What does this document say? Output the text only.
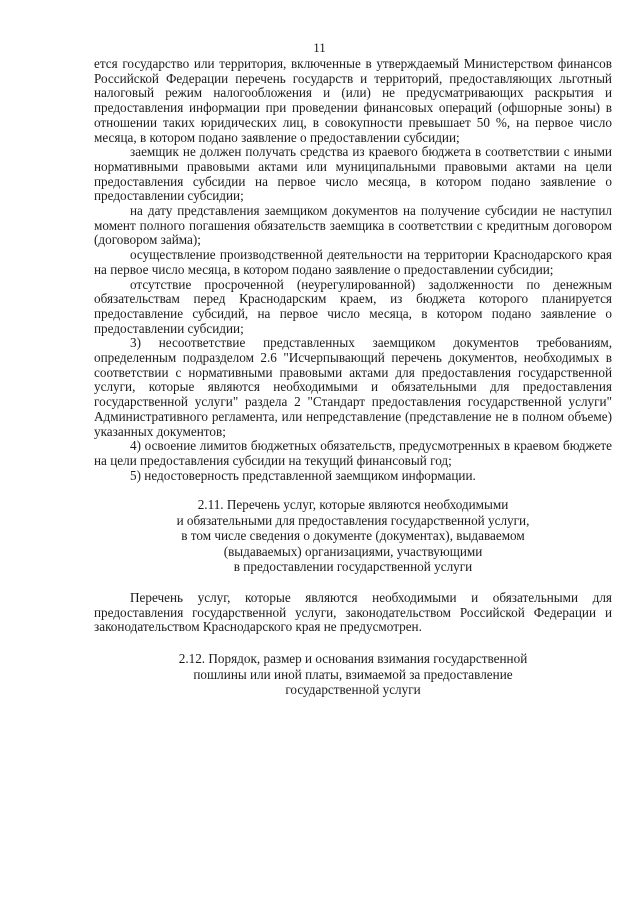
11

ется государство или территория, включенные в утверждаемый Министерством финансов Российской Федерации перечень государств и территорий, предоставляющих льготный налоговый режим налогообложения и (или) не предусматривающих раскрытия и предоставления информации при проведении финансовых операций (офшорные зоны) в отношении таких юридических лиц, в совокупности превышает 50 %, на первое число месяца, в котором подано заявление о предоставлении субсидии;

заемщик не должен получать средства из краевого бюджета в соответствии с иными нормативными правовыми актами или муниципальными правовыми актами на цели предоставления субсидии на первое число месяца, в котором подано заявление о предоставлении субсидии;

на дату представления заемщиком документов на получение субсидии не наступил момент полного погашения обязательств заемщика в соответствии с кредитным договором (договором займа);

осуществление производственной деятельности на территории Краснодарского края на первое число месяца, в котором подано заявление о предоставлении субсидии;

отсутствие просроченной (неурегулированной) задолженности по денежным обязательствам перед Краснодарским краем, из бюджета которого планируется предоставление субсидий, на первое число месяца, в котором подано заявление о предоставлении субсидии;

3) несоответствие представленных заемщиком документов требованиям, определенным подразделом 2.6 "Исчерпывающий перечень документов, необходимых в соответствии с нормативными правовыми актами для предоставления государственной услуги, которые являются необходимыми и обязательными для предоставления государственной услуги" раздела 2 "Стандарт предоставления государственной услуги" Административного регламента, или непредставление (представление не в полном объеме) указанных документов;

4) освоение лимитов бюджетных обязательств, предусмотренных в краевом бюджете на цели предоставления субсидии на текущий финансовый год;

5) недостоверность представленной заемщиком информации.

2.11. Перечень услуг, которые являются необходимыми

и обязательными для предоставления государственной услуги,

в том числе сведения о документе (документах), выдаваемом

(выдаваемых) организациями, участвующими

в предоставлении государственной услуги

Перечень услуг, которые являются необходимыми и обязательными для предоставления государственной услуги, законодательством Российской Федерации и законодательством Краснодарского края не предусмотрен.

2.12. Порядок, размер и основания взимания государственной

пошлины или иной платы, взимаемой за предоставление

государственной услуги
